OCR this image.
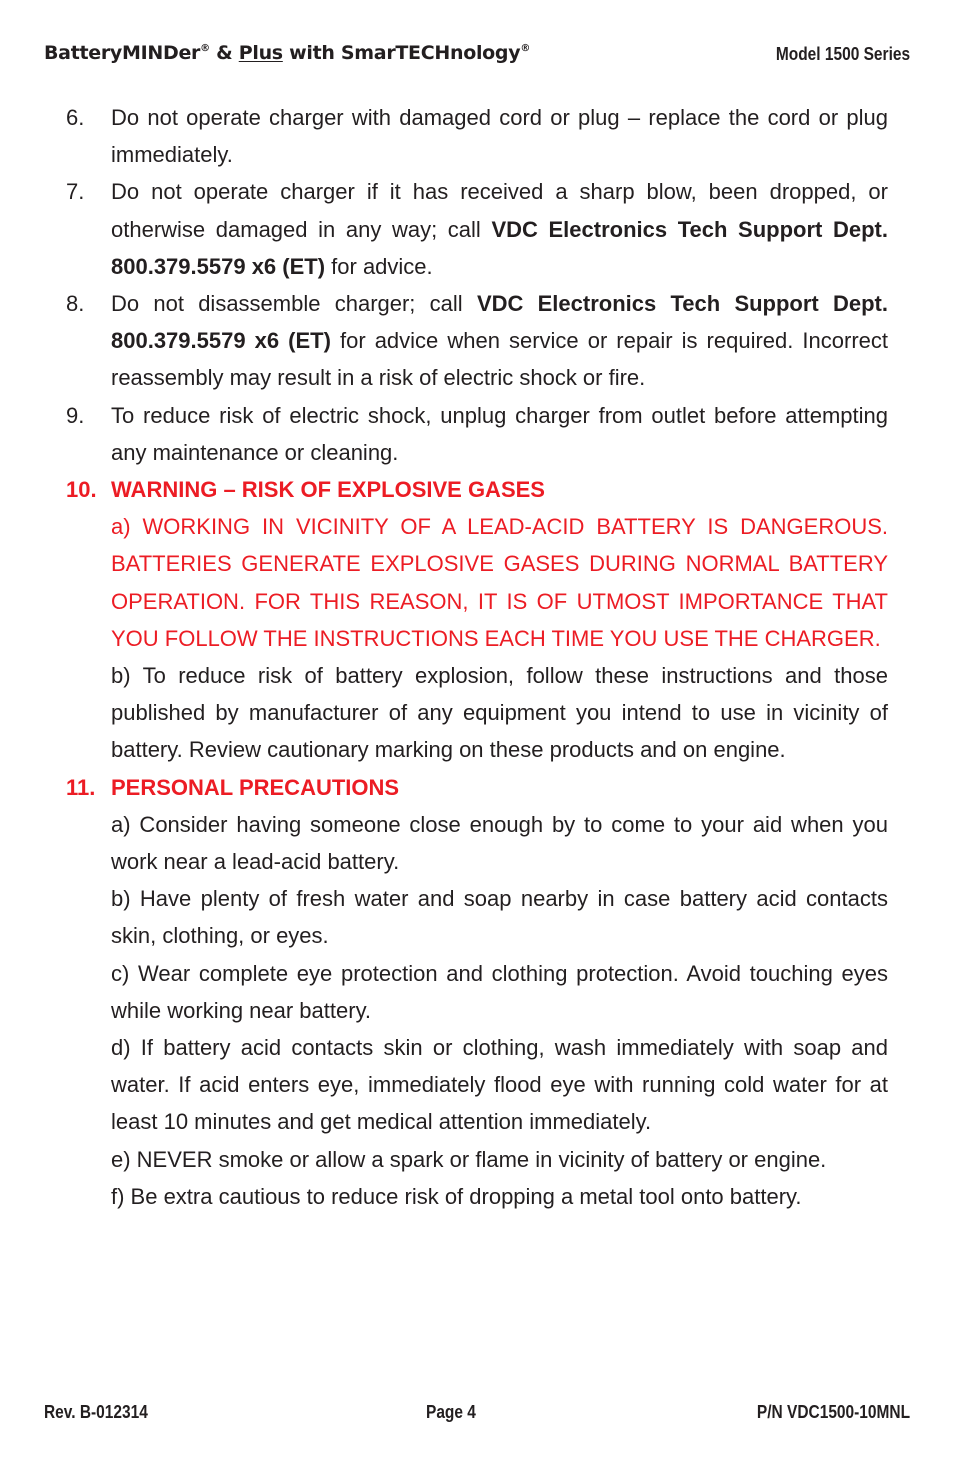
BatteryMINDer® & Plus with SmarTECHnology®	Model 1500 Series
6. Do not operate charger with damaged cord or plug – replace the cord or plug immediately.

7. Do not operate charger if it has received a sharp blow, been dropped, or otherwise damaged in any way; call VDC Electronics Tech Support Dept. 800.379.5579 x6 (ET) for advice.

8. Do not disassemble charger; call VDC Electronics Tech Support Dept. 800.379.5579 x6 (ET) for advice when service or repair is required. Incorrect reassembly may result in a risk of electric shock or fire.

9. To reduce risk of electric shock, unplug charger from outlet before attempting any maintenance or cleaning.

10. WARNING – RISK OF EXPLOSIVE GASES

a) WORKING IN VICINITY OF A LEAD-ACID BATTERY IS DANGEROUS. BATTERIES GENERATE EXPLOSIVE GASES DURING NORMAL BATTERY OPERATION. FOR THIS REASON, IT IS OF UTMOST IMPORTANCE THAT YOU FOLLOW THE INSTRUCTIONS EACH TIME YOU USE THE CHARGER.

b) To reduce risk of battery explosion, follow these instructions and those published by manufacturer of any equipment you intend to use in vicinity of battery. Review cautionary marking on these products and on engine.

11. PERSONAL PRECAUTIONS

a) Consider having someone close enough by to come to your aid when you work near a lead-acid battery.

b) Have plenty of fresh water and soap nearby in case battery acid contacts skin, clothing, or eyes.

c) Wear complete eye protection and clothing protection. Avoid touching eyes while working near battery.

d) If battery acid contacts skin or clothing, wash immediately with soap and water. If acid enters eye, immediately flood eye with running cold water for at least 10 minutes and get medical attention immediately.

e) NEVER smoke or allow a spark or flame in vicinity of battery or engine.

f) Be extra cautious to reduce risk of dropping a metal tool onto battery.

Rev. B-012314	Page 4	P/N VDC1500-10MNL
